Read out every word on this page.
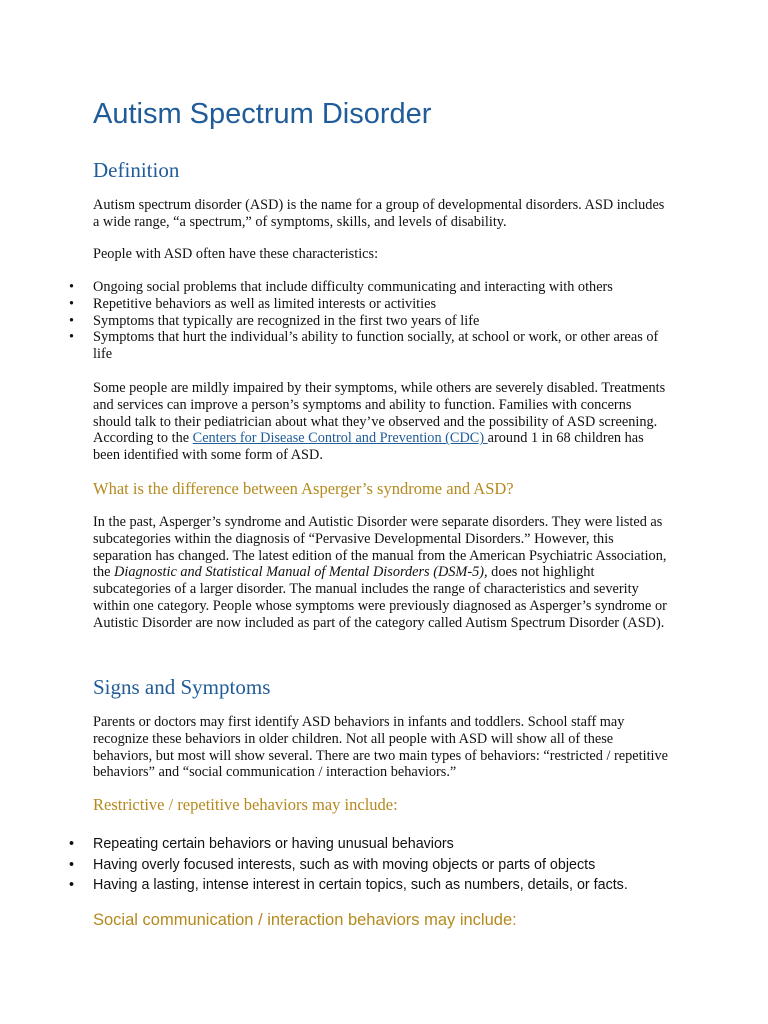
Autism Spectrum Disorder
Definition

Autism spectrum disorder (ASD) is the name for a group of developmental disorders. ASD includes a wide range, “a spectrum,” of symptoms, skills, and levels of disability.

People with ASD often have these characteristics:

• Ongoing social problems that include difficulty communicating and interacting with others
• Repetitive behaviors as well as limited interests or activities
• Symptoms that typically are recognized in the first two years of life
• Symptoms that hurt the individual’s ability to function socially, at school or work, or other areas of life

Some people are mildly impaired by their symptoms, while others are severely disabled. Treatments and services can improve a person’s symptoms and ability to function. Families with concerns should talk to their pediatrician about what they’ve observed and the possibility of ASD screening. According to the Centers for Disease Control and Prevention (CDC) around 1 in 68 children has been identified with some form of ASD.

What is the difference between Asperger’s syndrome and ASD?

In the past, Asperger’s syndrome and Autistic Disorder were separate disorders. They were listed as subcategories within the diagnosis of “Pervasive Developmental Disorders.” However, this separation has changed. The latest edition of the manual from the American Psychiatric Association, the Diagnostic and Statistical Manual of Mental Disorders (DSM-5), does not highlight subcategories of a larger disorder. The manual includes the range of characteristics and severity within one category. People whose symptoms were previously diagnosed as Asperger’s syndrome or Autistic Disorder are now included as part of the category called Autism Spectrum Disorder (ASD).

Signs and Symptoms

Parents or doctors may first identify ASD behaviors in infants and toddlers. School staff may recognize these behaviors in older children. Not all people with ASD will show all of these behaviors, but most will show several. There are two main types of behaviors: “restricted / repetitive behaviors” and “social communication / interaction behaviors.”

Restrictive / repetitive behaviors may include:
• Repeating certain behaviors or having unusual behaviors
• Having overly focused interests, such as with moving objects or parts of objects
• Having a lasting, intense interest in certain topics, such as numbers, details, or facts.
Social communication / interaction behaviors may include:
